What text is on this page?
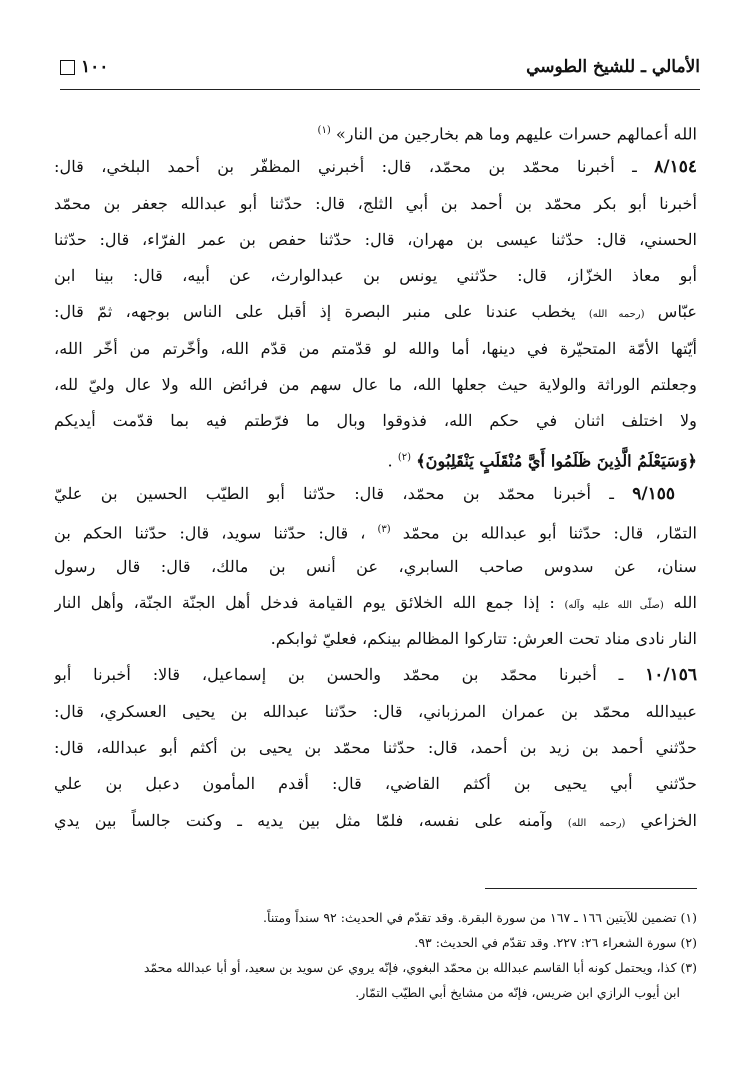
الأمالي ـ للشيخ الطوسي
١٠٠
الله أعمالهم حسرات عليهم وما هم بخارجين من النار» $^{(١)}$
٨/١٥٤ ـ أخبرنا محمّد بن محمّد، قال: أخبرني المظفّر بن أحمد البلخي، قال:
أخبرنا أبو بكر محمّد بن أحمد بن أبي الثلج، قال: حدّثنا أبو عبدالله جعفر بن محمّد
الحسني، قال: حدّثنا عيسى بن مهران، قال: حدّثنا حفص بن عمر الفرّاء، قال: حدّثنا
أبو معاذ الخزّاز، قال: حدّثني يونس بن عبدالوارث، عن أبيه، قال: بينا ابن
عبّاس (رحمه الله) يخطب عندنا على منبر البصرة إذ أقبل على الناس بوجهه، ثمّ قال:
أيّتها الأمّة المتحيّرة في دينها، أما والله لو قدّمتم من قدّم الله، وأخّرتم من أخّر الله،
وجعلتم الوراثة والولاية حيث جعلها الله، ما عال سهم من فرائض الله ولا عال وليّ لله،
ولا اختلف اثنان في حكم الله، فذوقوا وبال ما فرّطتم فيه بما قدّمت أيديكم
﴿وَسَيَعْلَمُ الَّذِينَ ظَلَمُوا أَيَّ مُنْقَلَبٍ يَنْقَلِبُونَ﴾ $^{(٢)}$ .
٩/١٥٥ ـ أخبرنا محمّد بن محمّد، قال: حدّثنا أبو الطيّب الحسين بن عليّ
التمّار، قال: حدّثنا أبو عبدالله بن محمّد $^{(٣)}$ ، قال: حدّثنا سويد، قال: حدّثنا الحكم بن
سنان، عن سدوس صاحب السابري، عن أنس بن مالك، قال: قال رسول
الله (صلّى الله عليه وآله) : إذا جمع الله الخلائق يوم القيامة فدخل أهل الجنّة الجنّة، وأهل النار
النار نادى مناد تحت العرش: تتاركوا المظالم بينكم، فعليّ ثوابكم.
١٠/١٥٦ ـ أخبرنا محمّد بن محمّد والحسن بن إسماعيل، قالا: أخبرنا أبو
عبيدالله محمّد بن عمران المرزباني، قال: حدّثنا عبدالله بن يحيى العسكري، قال:
حدّثني أحمد بن زيد بن أحمد، قال: حدّثنا محمّد بن يحيى بن أكثم أبو عبدالله، قال:
حدّثني أبي يحيى بن أكثم القاضي، قال: أقدم المأمون دعبل بن علي
الخزاعي (رحمه الله) وآمنه على نفسه، فلمّا مثل بين يديه ـ وكنت جالساً بين يدي
(١) تضمين للآيتين ١٦٦ ـ ١٦٧ من سورة البقرة. وقد تقدّم في الحديث: ٩٢ سنداً ومتناً.
(٢) سورة الشعراء ٢٦: ٢٢٧. وقد تقدّم في الحديث: ٩٣.
(٣) كذا، ويحتمل كونه أبا القاسم عبدالله بن محمّد البغوي، فإنّه يروي عن سويد بن سعيد، أو أبا عبدالله محمّد
ابن أيوب الرازي ابن ضريس، فإنّه من مشايخ أبي الطيّب التمّار.
